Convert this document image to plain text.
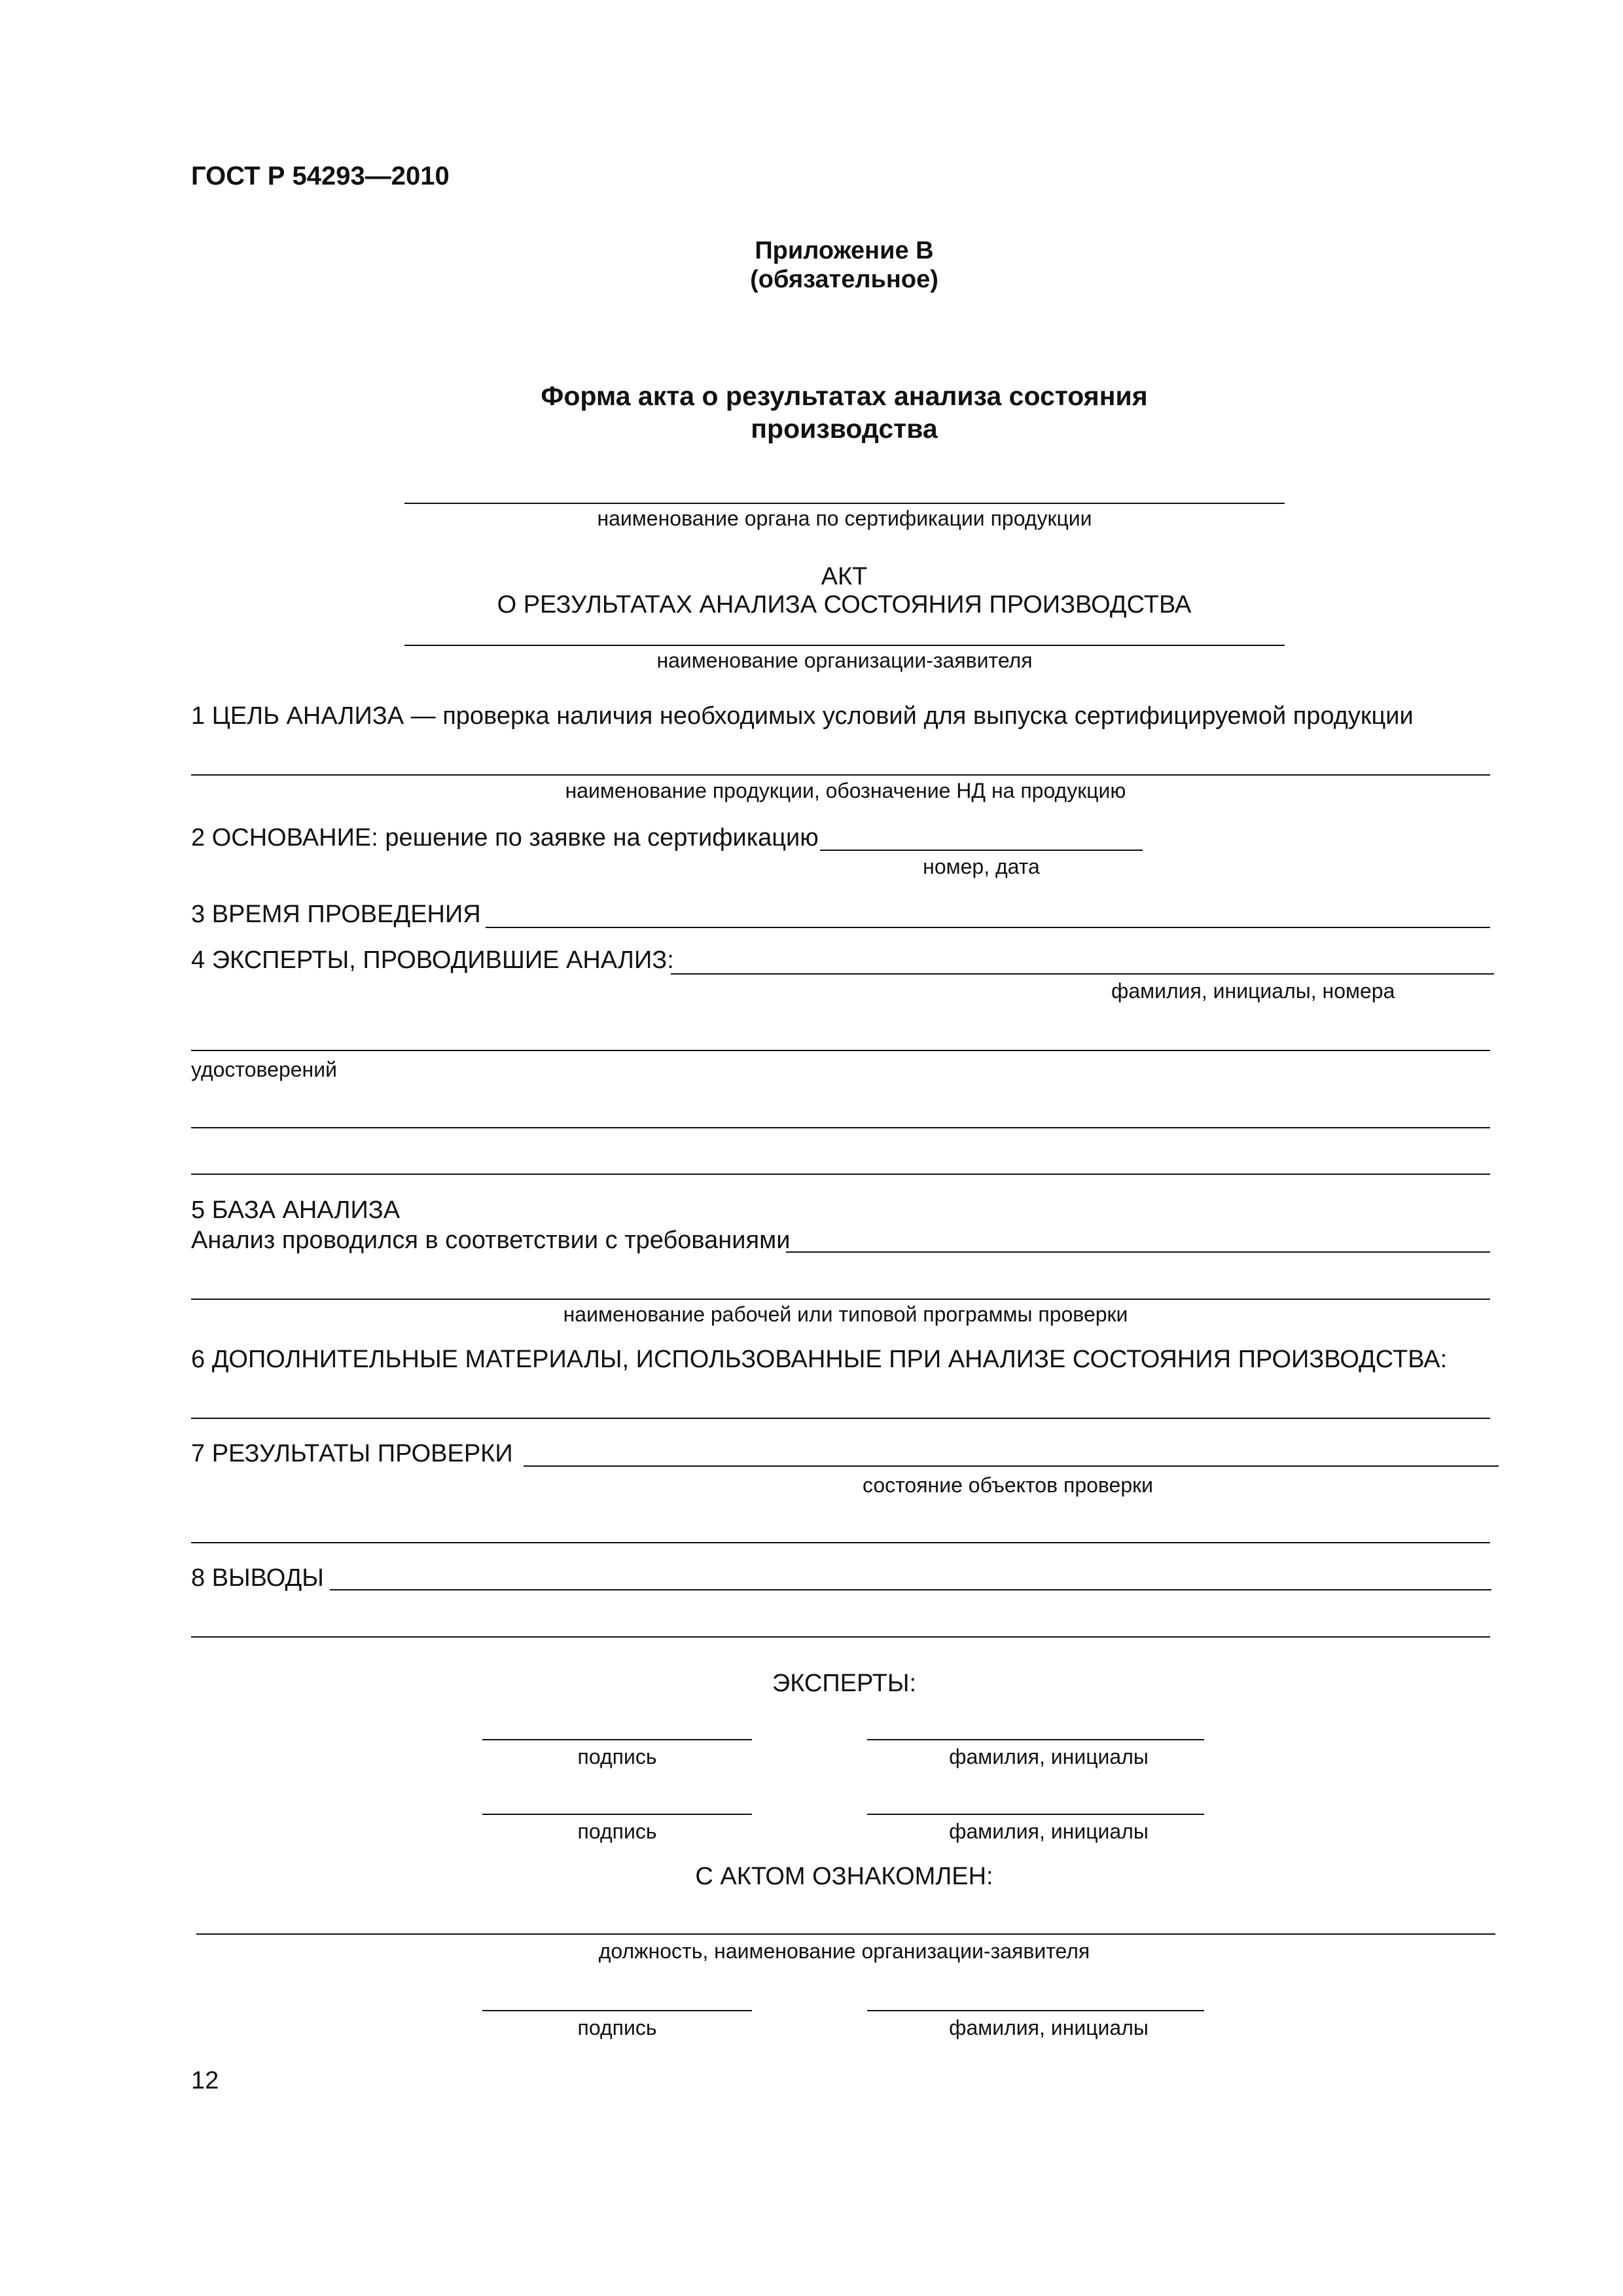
ГОСТ Р 54293—2010
Приложение В
(обязательное)
Форма акта о результатах анализа состояния
производства
наименование органа по сертификации продукции
АКТ
О РЕЗУЛЬТАТАХ АНАЛИЗА СОСТОЯНИЯ ПРОИЗВОДСТВА
наименование организации-заявителя
1 ЦЕЛЬ АНАЛИЗА — проверка наличия необходимых условий для выпуска сертифицируемой продукции
наименование продукции, обозначение НД на продукцию
2 ОСНОВАНИЕ: решение по заявке на сертификацию
номер, дата
3 ВРЕМЯ ПРОВЕДЕНИЯ
4 ЭКСПЕРТЫ, ПРОВОДИВШИЕ АНАЛИЗ:
фамилия, инициалы, номера
удостоверений
5 БАЗА АНАЛИЗА
Анализ проводился в соответствии с требованиями
наименование рабочей или типовой программы проверки
6 ДОПОЛНИТЕЛЬНЫЕ МАТЕРИАЛЫ, ИСПОЛЬЗОВАННЫЕ ПРИ АНАЛИЗЕ СОСТОЯНИЯ ПРОИЗВОДСТВА:
7 РЕЗУЛЬТАТЫ ПРОВЕРКИ
состояние объектов проверки
8 ВЫВОДЫ
ЭКСПЕРТЫ:
подпись	фамилия, инициалы
подпись	фамилия, инициалы
С АКТОМ ОЗНАКОМЛЕН:
должность, наименование организации-заявителя
подпись	фамилия, инициалы
12
